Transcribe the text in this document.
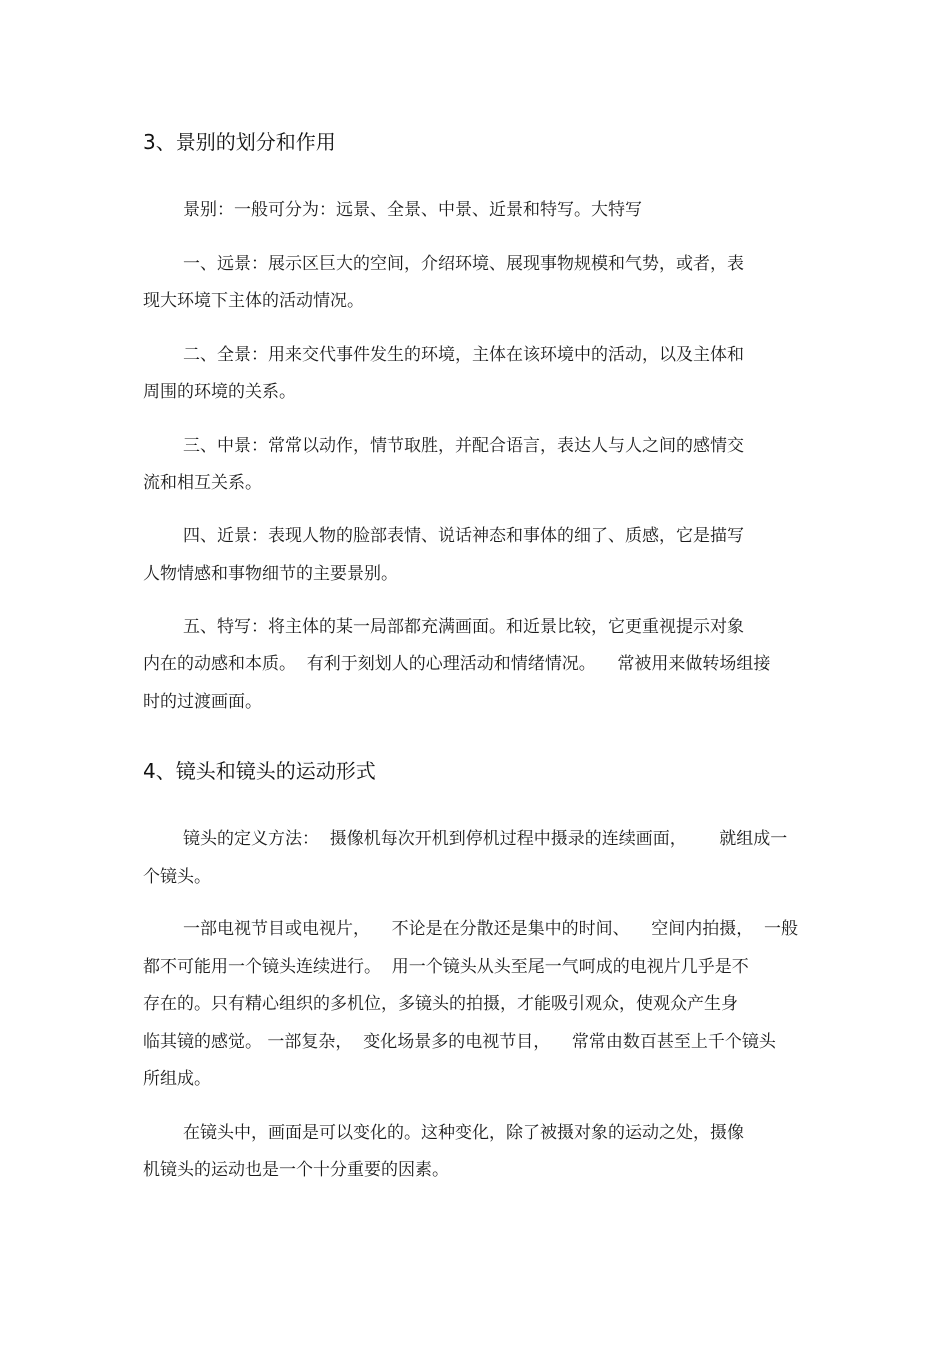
3、景别的划分和作用
景别：一般可分为：远景、全景、中景、近景和特写。大特写
一、远景：展示区巨大的空间，介绍环境、展现事物规模和气势，或者，表
现大环境下主体的活动情况。
二、全景：用来交代事件发生的环境，主体在该环境中的活动，以及主体和
周围的环境的关系。
三、中景：常常以动作，情节取胜，并配合语言，表达人与人之间的感情交
流和相互关系。
四、近景：表现人物的脸部表情、说话神态和事体的细了、质感，它是描写
人物情感和事物细节的主要景别。
五、特写：将主体的某一局部都充满画面。和近景比较，它更重视提示对象
内在的动感和本质。  有利于刻划人的心理活动和情绪情况。    常被用来做转场组接
时的过渡画面。
4、镜头和镜头的运动形式
镜头的定义方法：  摄像机每次开机到停机过程中摄录的连续画面，      就组成一
个镜头。
一部电视节目或电视片，    不论是在分散还是集中的时间、    空间内拍摄，  一般
都不可能用一个镜头连续进行。  用一个镜头从头至尾一气呵成的电视片几乎是不
存在的。只有精心组织的多机位，多镜头的拍摄，才能吸引观众，使观众产生身
临其镜的感觉。 一部复杂，  变化场景多的电视节目，    常常由数百甚至上千个镜头
所组成。
在镜头中，画面是可以变化的。这种变化，除了被摄对象的运动之处，摄像
机镜头的运动也是一个十分重要的因素。
